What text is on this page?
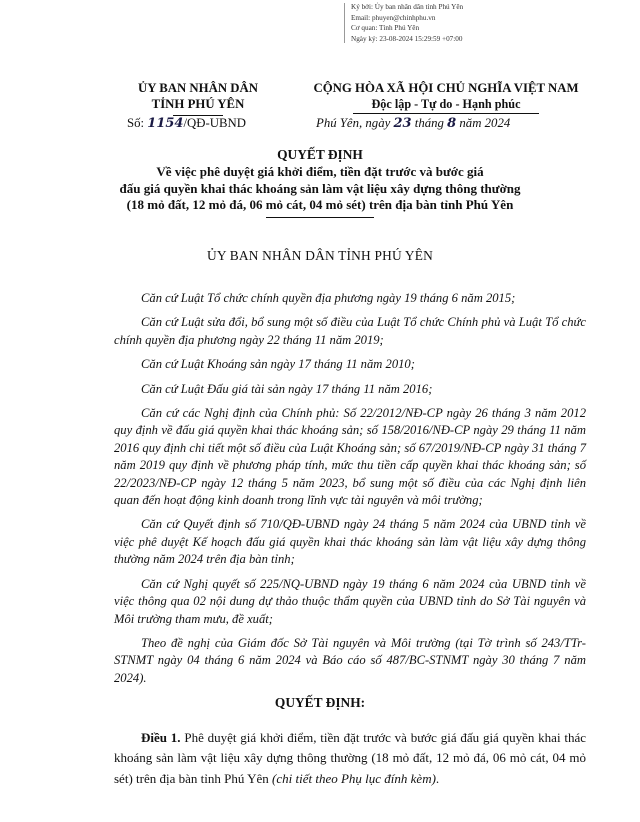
Ký bởi: Ủy ban nhân dân tỉnh Phú Yên
Email: phuyen@chinhphu.vn
Cơ quan: Tỉnh Phú Yên
Ngày ký: 23-08-2024 15:29:59 +07:00
ỦY BAN NHÂN DÂN
TỈNH PHÚ YÊN
CỘNG HÒA XÃ HỘI CHỦ NGHĨA VIỆT NAM
Độc lập - Tự do - Hạnh phúc
Số: 1154/QĐ-UBND	Phú Yên, ngày 23 tháng 8 năm 2024
QUYẾT ĐỊNH
Về việc phê duyệt giá khởi điểm, tiền đặt trước và bước giá
đấu giá quyền khai thác khoáng sản làm vật liệu xây dựng thông thường
(18 mỏ đất, 12 mỏ đá, 06 mỏ cát, 04 mỏ sét) trên địa bàn tỉnh Phú Yên
ỦY BAN NHÂN DÂN TỈNH PHÚ YÊN

Căn cứ Luật Tổ chức chính quyền địa phương ngày 19 tháng 6 năm 2015;

Căn cứ Luật sửa đổi, bổ sung một số điều của Luật Tổ chức Chính phủ và Luật Tổ chức chính quyền địa phương ngày 22 tháng 11 năm 2019;

Căn cứ Luật Khoáng sản ngày 17 tháng 11 năm 2010;

Căn cứ Luật Đấu giá tài sản ngày 17 tháng 11 năm 2016;

Căn cứ các Nghị định của Chính phủ: Số 22/2012/NĐ-CP ngày 26 tháng 3 năm 2012 quy định về đấu giá quyền khai thác khoáng sản; số 158/2016/NĐ-CP ngày 29 tháng 11 năm 2016 quy định chi tiết một số điều của Luật Khoáng sản; số 67/2019/NĐ-CP ngày 31 tháng 7 năm 2019 quy định về phương pháp tính, mức thu tiền cấp quyền khai thác khoáng sản; số 22/2023/NĐ-CP ngày 12 tháng 5 năm 2023, bổ sung một số điều của các Nghị định liên quan đến hoạt động kinh doanh trong lĩnh vực tài nguyên và môi trường;

Căn cứ Quyết định số 710/QĐ-UBND ngày 24 tháng 5 năm 2024 của UBND tỉnh về việc phê duyệt Kế hoạch đấu giá quyền khai thác khoáng sản làm vật liệu xây dựng thông thường năm 2024 trên địa bàn tỉnh;

Căn cứ Nghị quyết số 225/NQ-UBND ngày 19 tháng 6 năm 2024 của UBND tỉnh về việc thông qua 02 nội dung dự thảo thuộc thẩm quyền của UBND tỉnh do Sở Tài nguyên và Môi trường tham mưu, đề xuất;

Theo đề nghị của Giám đốc Sở Tài nguyên và Môi trường (tại Tờ trình số 243/TTr-STNMT ngày 04 tháng 6 năm 2024 và Báo cáo số 487/BC-STNMT ngày 30 tháng 7 năm 2024).

QUYẾT ĐỊNH:
Điều 1. Phê duyệt giá khởi điểm, tiền đặt trước và bước giá đấu giá quyền khai thác khoáng sản làm vật liệu xây dựng thông thường (18 mỏ đất, 12 mỏ đá, 06 mỏ cát, 04 mỏ sét) trên địa bàn tỉnh Phú Yên (chi tiết theo Phụ lục đính kèm).
